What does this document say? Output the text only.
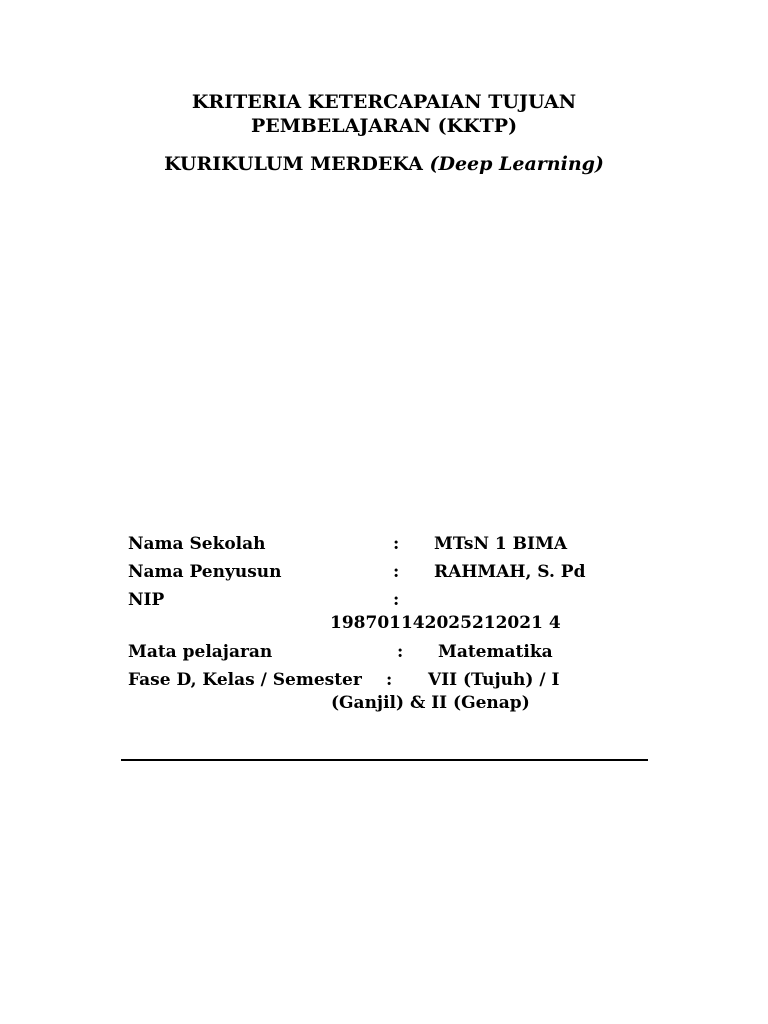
KRITERIA KETERCAPAIAN TUJUAN
PEMBELAJARAN (KKTP)
KURIKULUM MERDEKA (Deep Learning)
Nama Sekolah	: MTsN 1 BIMA
Nama Penyusun	: RAHMAH, S. Pd
NIP	:
198701142025212021 4
Mata pelajaran	: Matematika
Fase D, Kelas / Semester : VII (Tujuh) / I
(Ganjil) & II (Genap)
